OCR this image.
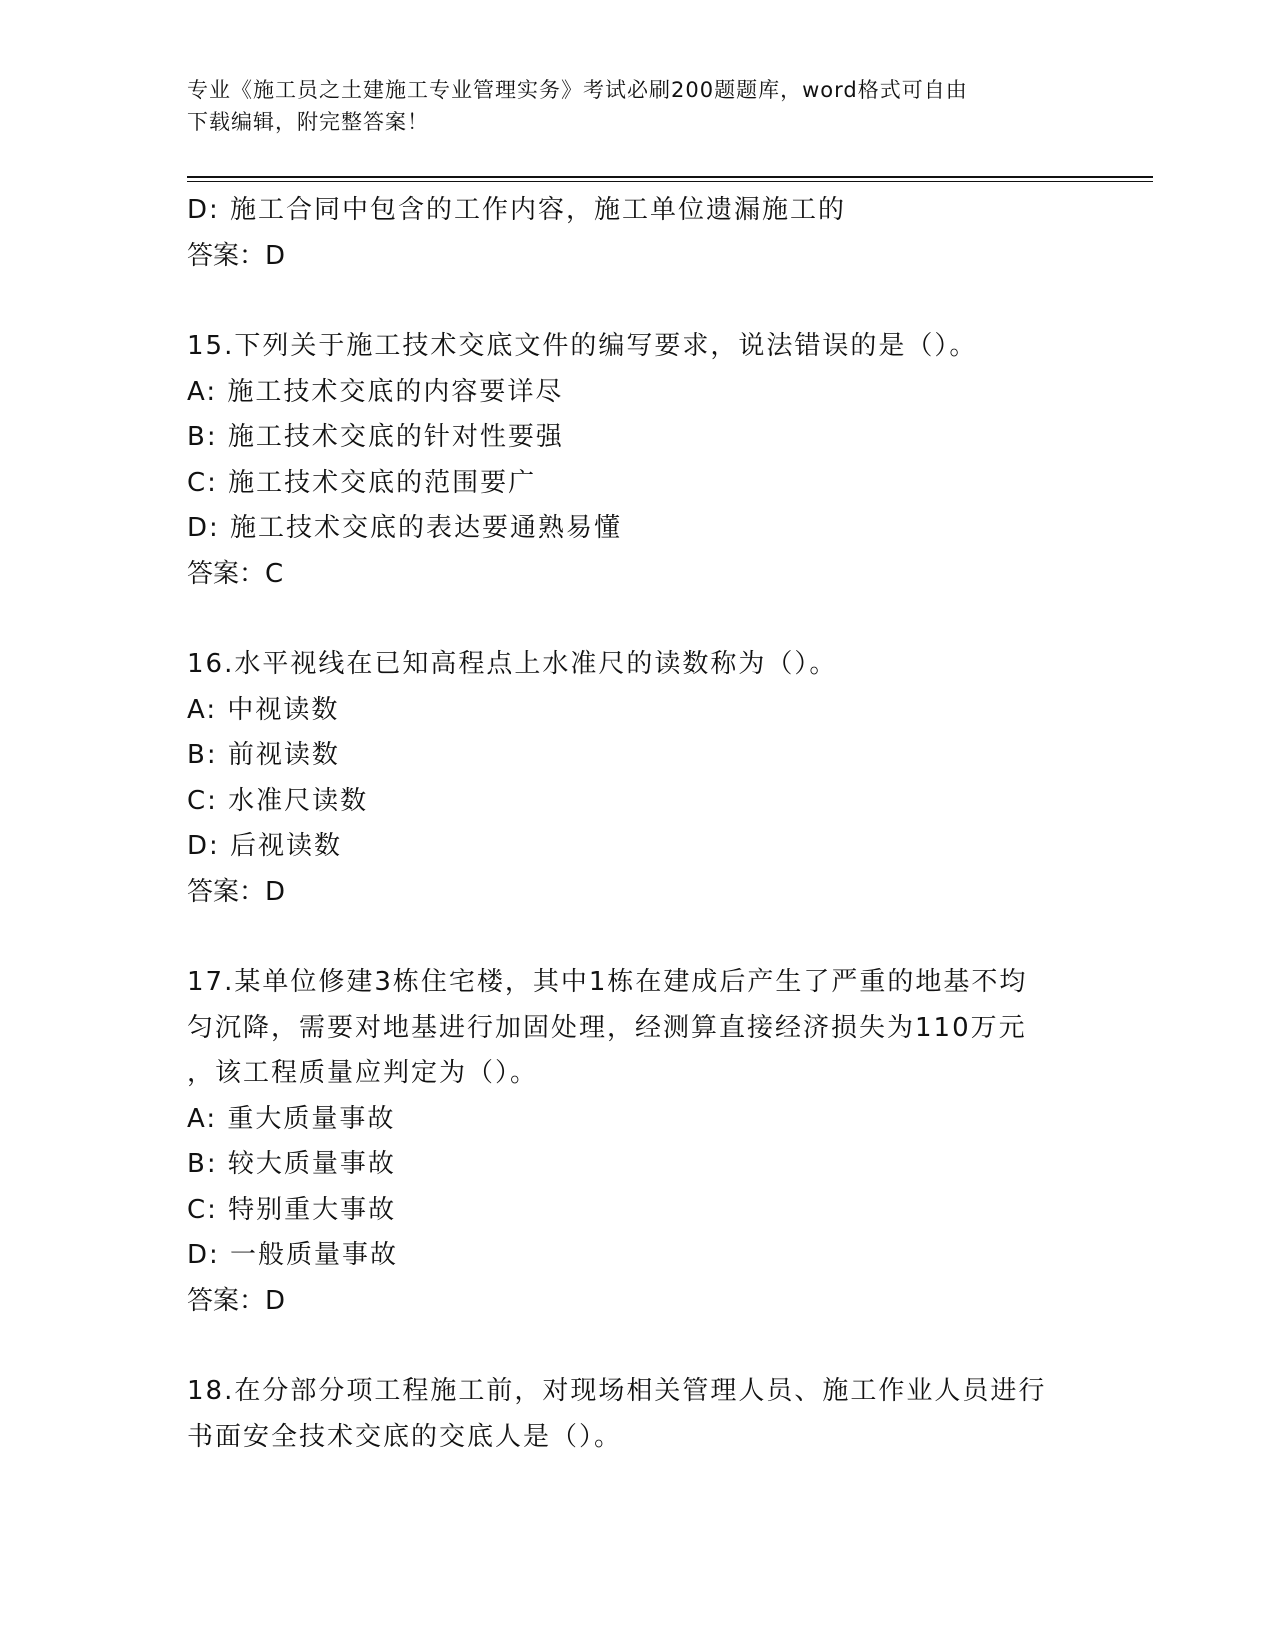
专业《施工员之土建施工专业管理实务》考试必刷200题题库，word格式可自由
下载编辑，附完整答案！
D: 施工合同中包含的工作内容，施工单位遗漏施工的
答案：D
15.下列关于施工技术交底文件的编写要求，说法错误的是（）。
A: 施工技术交底的内容要详尽
B: 施工技术交底的针对性要强
C: 施工技术交底的范围要广
D: 施工技术交底的表达要通熟易懂
答案：C
16.水平视线在已知高程点上水准尺的读数称为（）。
A: 中视读数
B: 前视读数
C: 水准尺读数
D: 后视读数
答案：D
17.某单位修建3栋住宅楼，其中1栋在建成后产生了严重的地基不均
匀沉降，需要对地基进行加固处理，经测算直接经济损失为110万元
，该工程质量应判定为（）。
A: 重大质量事故
B: 较大质量事故
C: 特别重大事故
D: 一般质量事故
答案：D
18.在分部分项工程施工前，对现场相关管理人员、施工作业人员进行
书面安全技术交底的交底人是（）。
